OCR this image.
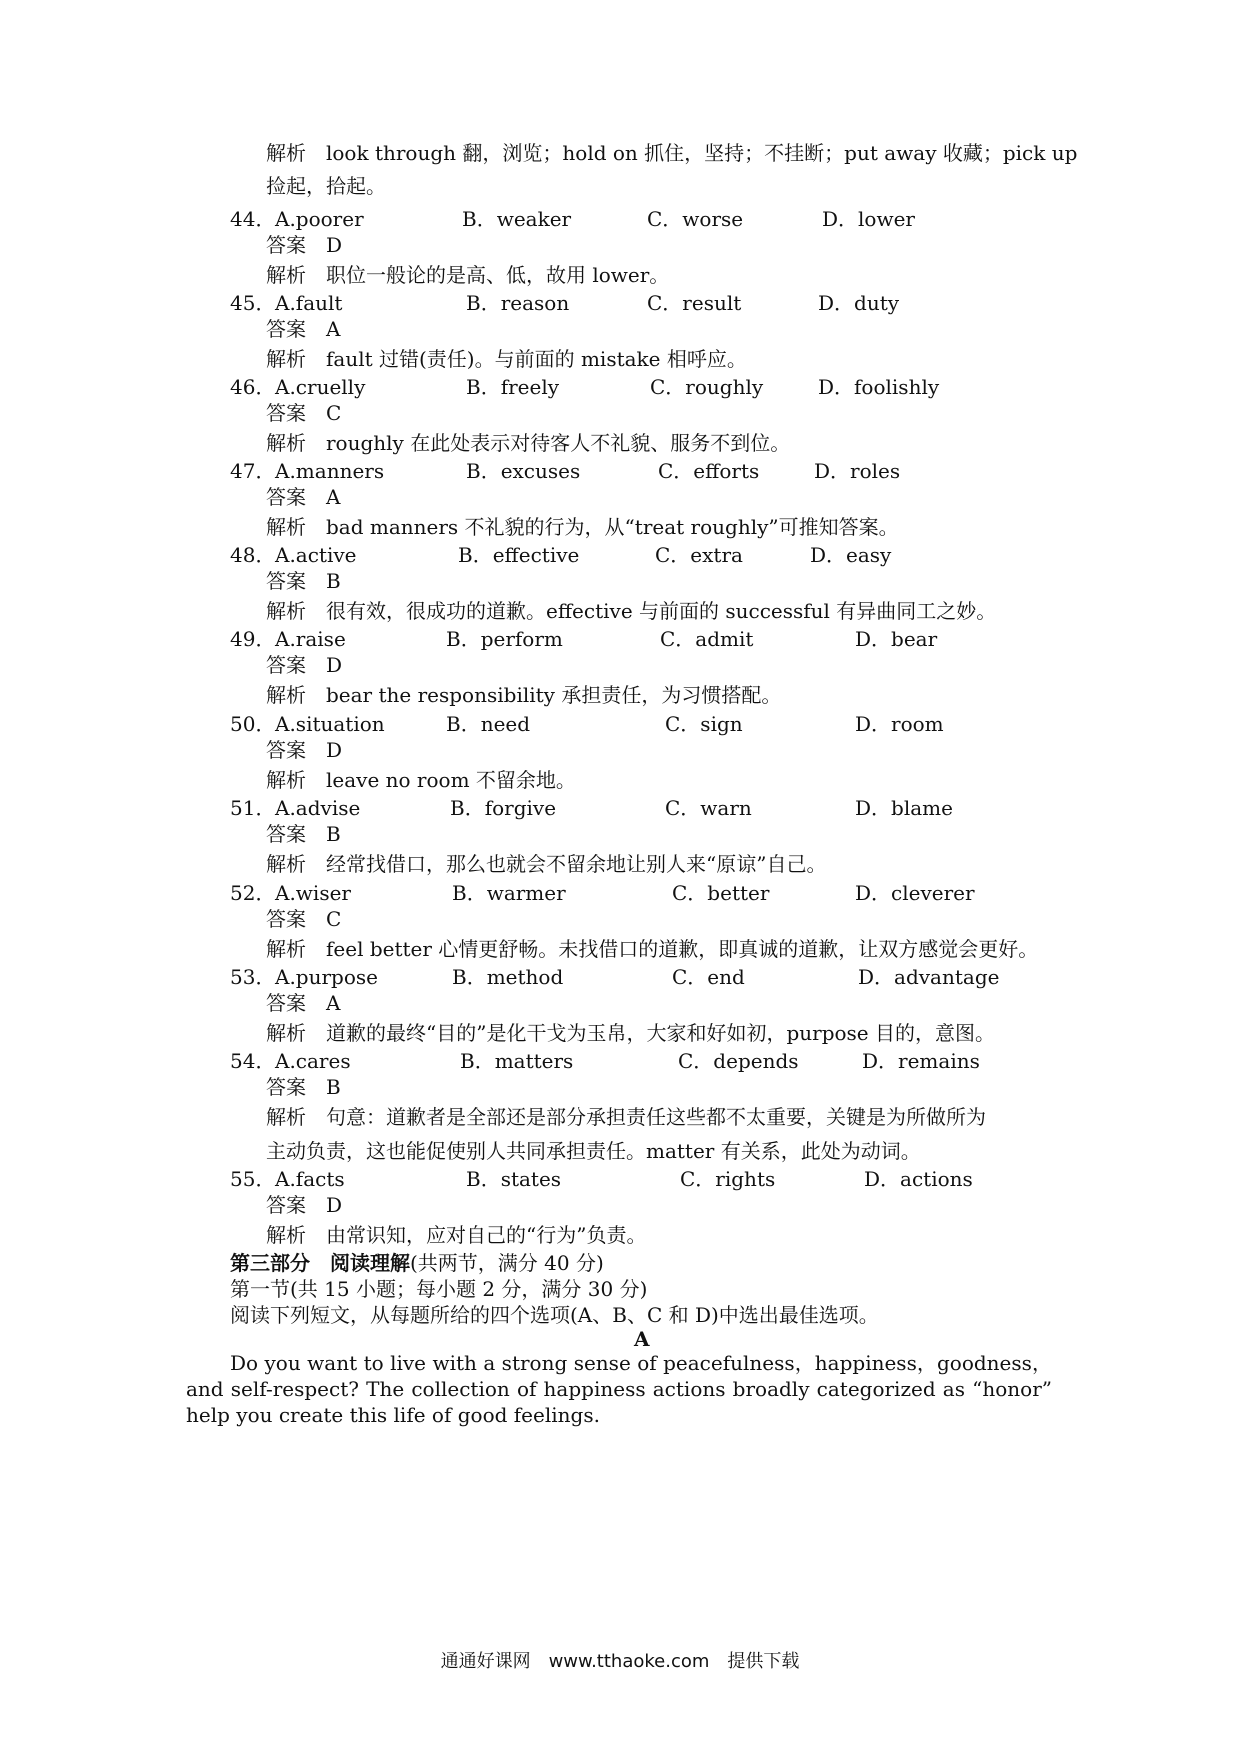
解析　look through 翻，浏览；hold on 抓住，坚持；不挂断；put away 收藏；pick up
捡起，拾起。
44． A.poorer	B．weaker	C．worse	D．lower
答案　D
解析　职位一般论的是高、低，故用 lower。
45． A.fault	B．reason	C．result	D．duty
答案　A
解析　fault 过错(责任)。与前面的 mistake 相呼应。
46． A.cruelly	B．freely	C．roughly	D．foolishly
答案　C
解析　roughly 在此处表示对待客人不礼貌、服务不到位。
47． A.manners	B．excuses	C．efforts	D．roles
答案　A
解析　bad manners 不礼貌的行为，从“treat roughly”可推知答案。
48． A.active	B．effective	C．extra	D．easy
答案　B
解析　很有效，很成功的道歉。effective 与前面的 successful 有异曲同工之妙。
49． A.raise	B．perform	C．admit	D．bear
答案　D
解析　bear the responsibility 承担责任，为习惯搭配。
50． A.situation	B．need	C．sign	D．room
答案　D
解析　leave no room 不留余地。
51． A.advise	B．forgive	C．warn	D．blame
答案　B
解析　经常找借口，那么也就会不留余地让别人来“原谅”自己。
52． A.wiser	B．warmer	C．better	D．cleverer
答案　C
解析　feel better 心情更舒畅。未找借口的道歉，即真诚的道歉，让双方感觉会更好。
53． A.purpose	B．method	C．end	D．advantage
答案　A
解析　道歉的最终“目的”是化干戈为玉帛，大家和好如初，purpose 目的，意图。
54． A.cares	B．matters	C．depends	D．remains
答案　B
解析　句意：道歉者是全部还是部分承担责任这些都不太重要，关键是为所做所为
主动负责，这也能促使别人共同承担责任。matter 有关系，此处为动词。
55． A.facts	B．states	C．rights	D．actions
答案　D
解析　由常识知，应对自己的“行为”负责。
第三部分　阅读理解(共两节，满分 40 分)
第一节(共 15 小题；每小题 2 分，满分 30 分)
阅读下列短文，从每题所给的四个选项(A、B、C 和 D)中选出最佳选项。
A
Do you want to live with a strong sense of peacefulness，happiness，goodness，and self-respect? The collection of happiness actions broadly categorized as “honor” help you create this life of good feelings.
通通好课网　www.tthaoke.com　提供下载
